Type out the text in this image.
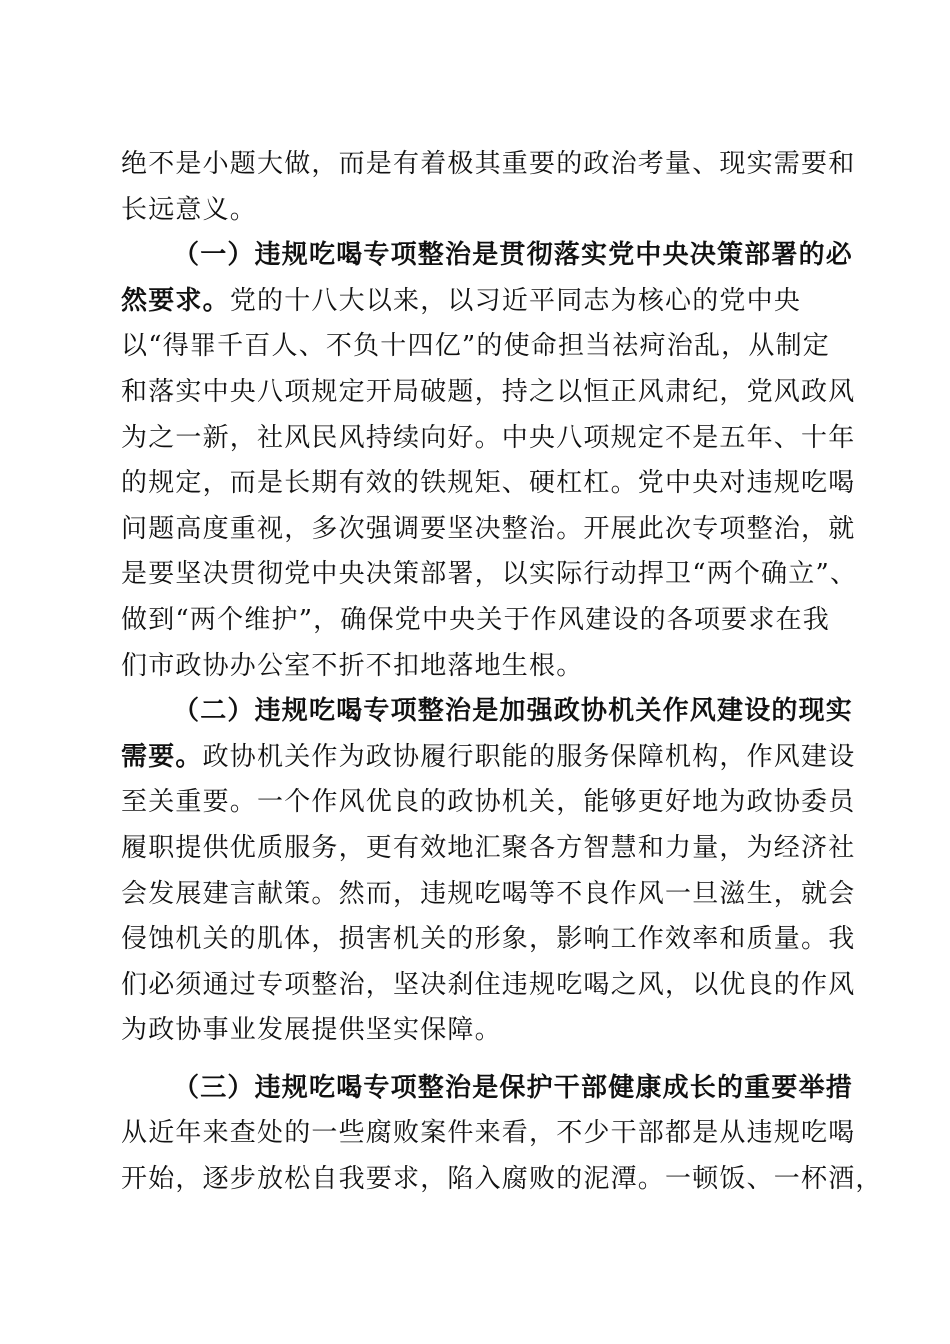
绝不是小题大做，而是有着极其重要的政治考量、现实需要和
长远意义。
（一）违规吃喝专项整治是贯彻落实党中央决策部署的必
然要求。党的十八大以来，以习近平同志为核心的党中央
以“得罪千百人、不负十四亿”的使命担当祛疴治乱，从制定
和落实中央八项规定开局破题，持之以恒正风肃纪，党风政风
为之一新，社风民风持续向好。中央八项规定不是五年、十年
的规定，而是长期有效的铁规矩、硬杠杠。党中央对违规吃喝
问题高度重视，多次强调要坚决整治。开展此次专项整治，就
是要坚决贯彻党中央决策部署，以实际行动捍卫“两个确立”、
做到“两个维护”，确保党中央关于作风建设的各项要求在我
们市政协办公室不折不扣地落地生根。
（二）违规吃喝专项整治是加强政协机关作风建设的现实
需要。政协机关作为政协履行职能的服务保障机构，作风建设
至关重要。一个作风优良的政协机关，能够更好地为政协委员
履职提供优质服务，更有效地汇聚各方智慧和力量，为经济社
会发展建言献策。然而，违规吃喝等不良作风一旦滋生，就会
侵蚀机关的肌体，损害机关的形象，影响工作效率和质量。我
们必须通过专项整治，坚决刹住违规吃喝之风，以优良的作风
为政协事业发展提供坚实保障。
（三）违规吃喝专项整治是保护干部健康成长的重要举措
从近年来查处的一些腐败案件来看，不少干部都是从违规吃喝
开始，逐步放松自我要求，陷入腐败的泥潭。一顿饭、一杯酒，
